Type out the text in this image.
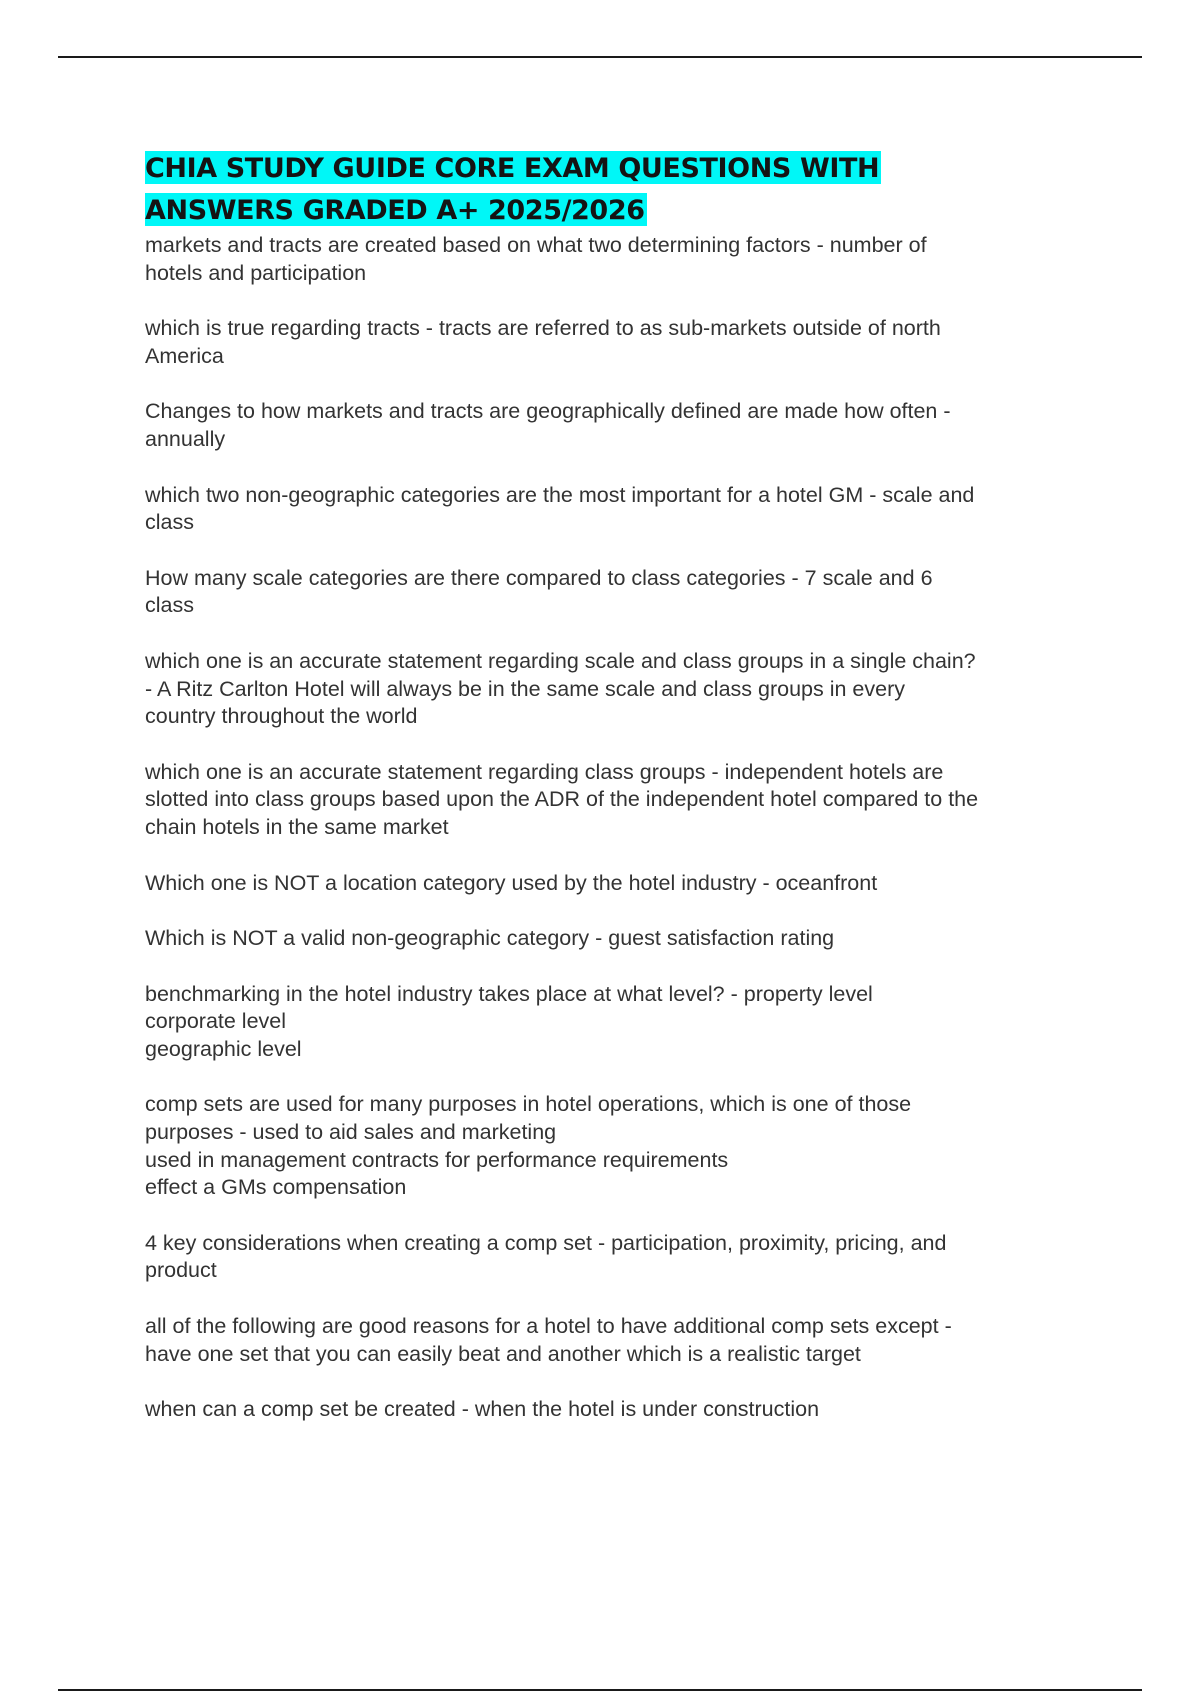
CHIA STUDY GUIDE CORE EXAM QUESTIONS WITH
ANSWERS GRADED A+ 2025/2026

markets and tracts are created based on what two determining factors - number of
hotels and participation

which is true regarding tracts - tracts are referred to as sub-markets outside of north
America

Changes to how markets and tracts are geographically defined are made how often -
annually

which two non-geographic categories are the most important for a hotel GM - scale and
class

How many scale categories are there compared to class categories - 7 scale and 6
class

which one is an accurate statement regarding scale and class groups in a single chain?
- A Ritz Carlton Hotel will always be in the same scale and class groups in every
country throughout the world

which one is an accurate statement regarding class groups - independent hotels are
slotted into class groups based upon the ADR of the independent hotel compared to the
chain hotels in the same market

Which one is NOT a location category used by the hotel industry - oceanfront

Which is NOT a valid non-geographic category - guest satisfaction rating

benchmarking in the hotel industry takes place at what level? - property level
corporate level
geographic level

comp sets are used for many purposes in hotel operations, which is one of those
purposes - used to aid sales and marketing
used in management contracts for performance requirements
effect a GMs compensation

4 key considerations when creating a comp set - participation, proximity, pricing, and
product

all of the following are good reasons for a hotel to have additional comp sets except -
have one set that you can easily beat and another which is a realistic target

when can a comp set be created - when the hotel is under construction
